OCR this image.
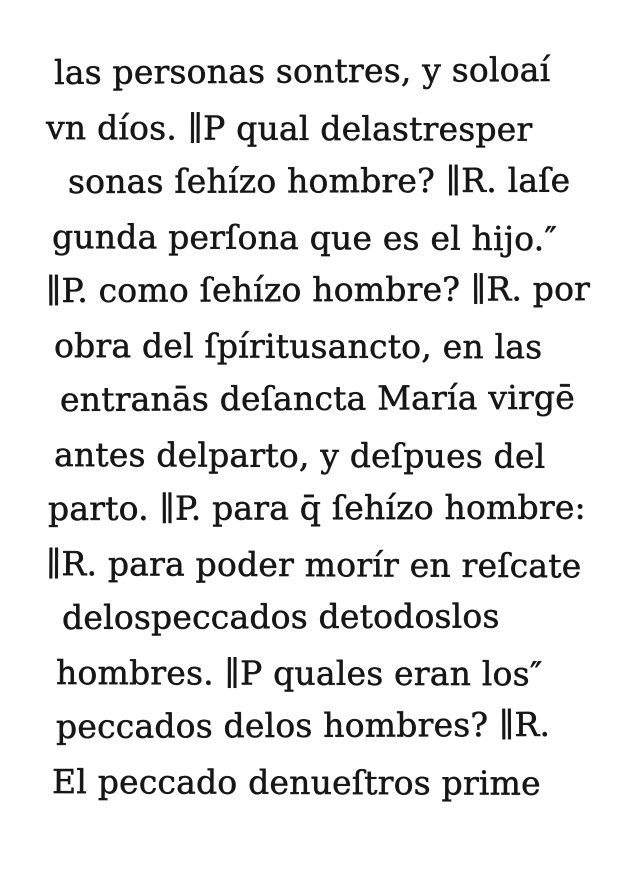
las personas sontres, y soloaí
vn díos. ∥P qual delastresper
sonas ſehízo hombre? ∥R. laſe
gunda perſona que es el hijo.″
∥P. como ſehízo hombre? ∥R. por
obra del ſpíritusancto, en las
entranās deſancta María virgē
antes delparto, y deſpues del
parto. ∥P. para q̄ ſehízo hombre:
∥R. para poder morír en reſcate
delospeccados detodoslos
hombres. ∥P quales eran los″
peccados delos hombres? ∥R.
El peccado denueſtros prime
